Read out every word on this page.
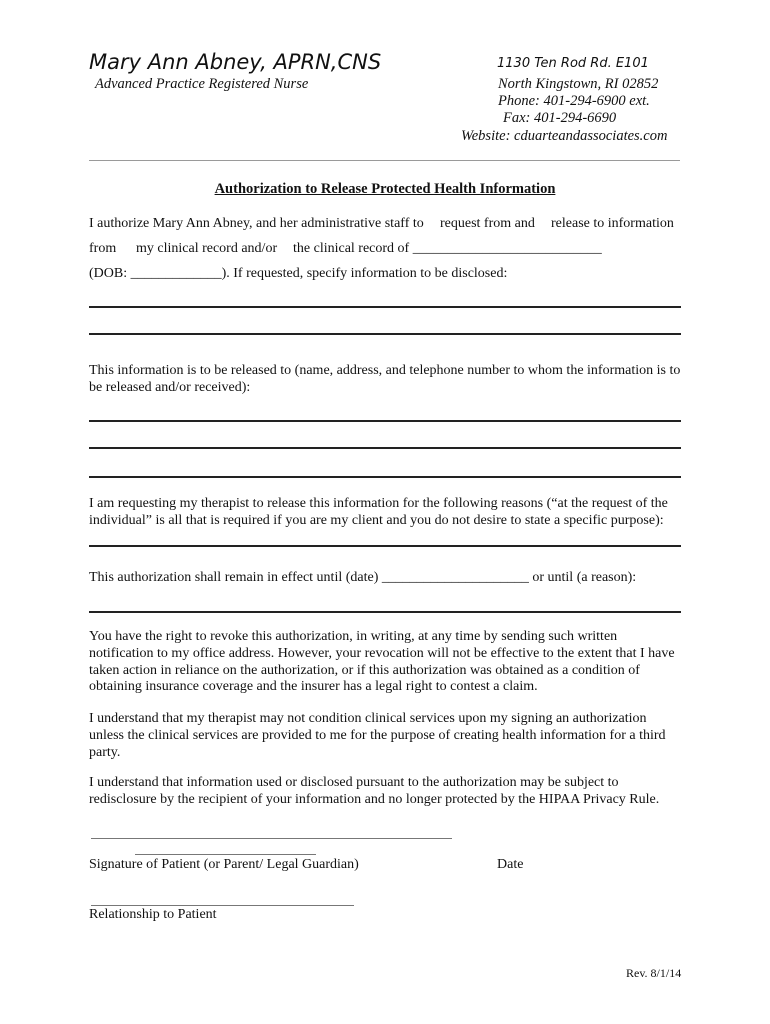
Mary Ann Abney, APRN,CNS
Advanced Practice Registered Nurse
1130 Ten Rod Rd. E101
North Kingstown, RI 02852
Phone: 401-294-6900 ext.
Fax: 401-294-6690
Website: cduarteandassociates.com
Authorization to Release Protected Health Information
I authorize Mary Ann Abney, and her administrative staff to request from and release to information
from my clinical record and/or the clinical record of ___________________________
(DOB: _____________). If requested, specify information to be disclosed:
This information is to be released to (name, address, and telephone number to whom the information is to be released and/or received):
I am requesting my therapist to release this information for the following reasons (“at the request of the individual” is all that is required if you are my client and you do not desire to state a specific purpose):
This authorization shall remain in effect until (date) _____________________ or until (a reason):
You have the right to revoke this authorization, in writing, at any time by sending such written notification to my office address. However, your revocation will not be effective to the extent that I have taken action in reliance on the authorization, or if this authorization was obtained as a condition of obtaining insurance coverage and the insurer has a legal right to contest a claim.
I understand that my therapist may not condition clinical services upon my signing an authorization unless the clinical services are provided to me for the purpose of creating health information for a third party.
I understand that information used or disclosed pursuant to the authorization may be subject to redisclosure by the recipient of your information and no longer protected by the HIPAA Privacy Rule.
Signature of Patient (or Parent/ Legal Guardian)	Date
Relationship to Patient
Rev. 8/1/14
